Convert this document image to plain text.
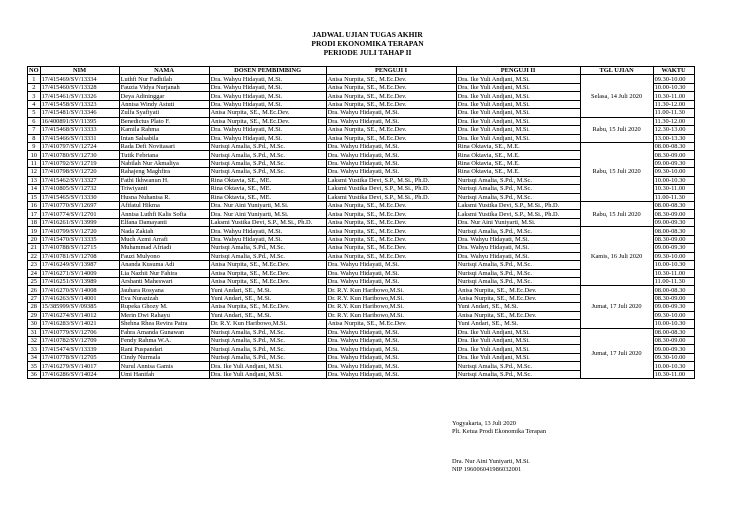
JADWAL UJIAN TUGAS AKHIR
PRODI EKONOMIKA TERAPAN
PERIODE JULI TAHAP II
NO	NIM	NAMA	DOSEN PEMBIMBING	PENGUJI I	PENGUJI II	TGL UJIAN	WAKTU
1	17/415469/SV/13334	Luthfi Nur Fadhilah	Dra. Wahyu Hidayati, M.Si.	Anisa Nurpita, SE., M.Ec.Dev.	Dra. Ike Yuli Andjani, M.Si.	Selasa, 14 Juli 2020	09.30-10.00
2	17/415460/SV/13328	Fauzia Vidya Nurjanah	Dra. Wahyu Hidayati, M.Si.	Anisa Nurpita, SE., M.Ec.Dev.	Dra. Ike Yuli Andjani, M.Si.		10.00-10.30
3	17/415461/SV/13326	Deya Adininggar	Dra. Wahyu Hidayati, M.Si.	Anisa Nurpita, SE., M.Ec.Dev.	Dra. Ike Yuli Andjani, M.Si.		10.30-11.00
4	17/415458/SV/13323	Annisa Windy Astuti	Dra. Wahyu Hidayati, M.Si.	Anisa Nurpita, SE., M.Ec.Dev.	Dra. Ike Yuli Andjani, M.Si.		11.30-12.00
5	17/415481/SV/13346	Zulfa Syafiyati	Anisa Nurpita, SE., M.Ec.Dev.	Dra. Wahyu Hidayati, M.Si.	Dra. Ike Yuli Andjani, M.Si.		11.00-11.30
6	16/400891/SV/11395	Benedictus Plato F.	Anisa Nurpita, SE., M.Ec.Dev.	Dra. Wahyu Hidayati, M.Si.	Dra. Ike Yuli Andjani, M.Si.	Rabu, 15 Juli 2020	11.30-12.00
7	17/415468/SV/13333	Kamila Rahma	Dra. Wahyu Hidayati, M.Si.	Anisa Nurpita, SE., M.Ec.Dev.	Dra. Ike Yuli Andjani, M.Si.		12.30-13.00
8	17/415466/SV/13331	Intan Salsabila	Dra. Wahyu Hidayati, M.Si.	Anisa Nurpita, SE., M.Ec.Dev.	Dra. Ike Yuli Andjani, M.Si.		13.00-13.30
9	17/410797/SV/12724	Rada Defi Novitasari	Nurisqi Amalia, S.Pd., M.Sc.	Dra. Wahyu Hidayati, M.Si.	Rina Oktavia, SE., M.E.	Rabu, 15 Juli 2020	08.00-08.30
10	17/410780/SV/12730	Tutik Febriana	Nurisqi Amalia, S.Pd., M.Sc.	Dra. Wahyu Hidayati, M.Si.	Rina Oktavia, SE., M.E.		08.30-09.00
11	17/410792/SV/12719	Nabilah Nur Akmaliya	Nurisqi Amalia, S.Pd., M.Sc.	Dra. Wahyu Hidayati, M.Si.	Rina Oktavia, SE., M.E.		09.00-09.30
12	17/410798/SV/12720	Rahajeng Maghfira	Nurisqi Amalia, S.Pd., M.Sc.	Dra. Wahyu Hidayati, M.Si.	Rina Oktavia, SE., M.E.		09.30-10.00
13	17/415462/SV/13327	Fathi Ikhwanun H.	Rina Oktavia, SE., ME.	Laksmi Yustika Devi, S.P., M.Si., Ph.D.	Nurisqi Amalia, S.Pd., M.Sc.		10.00-10.30
14	17/410805/SV/12732	Triwiyanti	Rina Oktavia, SE., ME.	Laksmi Yustika Devi, S.P., M.Si., Ph.D.	Nurisqi Amalia, S.Pd., M.Sc.		10.30-11.00
15	17/415465/SV/13330	Husna Nuhanisa R.	Rina Oktavia, SE., ME.	Laksmi Yustika Devi, S.P., M.Si., Ph.D.	Nurisqi Amalia, S.Pd., M.Sc.		11.00-11.30
16	17/410770/SV/12697	Afifatul Hikma	Dra. Nur Aini Yuniyarti, M.Si.	Anisa Nurpita, SE., M.Ec.Dev.	Laksmi Yustika Devi, S.P., M.Si., Ph.D.	Rabu, 15 Juli 2020	08.00-08.30
17	17/410774/SV/12701	Annisa Luthfi Kalis Sofia	Dra. Nur Aini Yuniyarti, M.Si.	Anisa Nurpita, SE., M.Ec.Dev.	Laksmi Yustika Devi, S.P., M.Si., Ph.D.		08.30-09.00
18	17/416261/SV/13999	Elfana Damayanti	Laksmi Yustika Devi, S.P., M.Si., Ph.D.	Anisa Nurpita, SE., M.Ec.Dev.	Dra. Nur Aini Yuniyarti, M.Si.		09.00-09.30
19	17/410799/SV/12720	Nada Zakiah	Dra. Wahyu Hidayati, M.Si.	Anisa Nurpita, SE., M.Ec.Dev.	Nurisqi Amalia, S.Pd., M.Sc.	Kamis, 16 Juli 2020	08.00-08.30
20	17/415470/SV/13335	Much Azmi Arrafi	Dra. Wahyu Hidayati, M.Si.	Anisa Nurpita, SE., M.Ec.Dev.	Dra. Wahyu Hidayati, M.Si.		08.30-09.00
21	17/410788/SV/12715	Muhammad Afriadi	Nurisqi Amalia, S.Pd., M.Sc.	Anisa Nurpita, SE., M.Ec.Dev.	Dra. Wahyu Hidayati, M.Si.		09.00-09.30
22	17/410781/SV/12708	Fauzi Mulyono	Nurisqi Amalia, S.Pd., M.Sc.	Anisa Nurpita, SE., M.Ec.Dev.	Dra. Wahyu Hidayati, M.Si.		09.30-10.00
23	17/416249/SV/13987	Ananda Kusuma Adi	Anisa Nurpita, SE., M.Ec.Dev.	Dra. Wahyu Hidayati, M.Si.	Nurisqi Amalia, S.Pd., M.Sc.		10.00-10.30
24	17/416271/SV/14009	Lia Nazhii Nur Fahira	Anisa Nurpita, SE., M.Ec.Dev.	Dra. Wahyu Hidayati, M.Si.	Nurisqi Amalia, S.Pd., M.Sc.		10.30-11.00
25	17/416251/SV/13989	Arshanti Maheswari	Anisa Nurpita, SE., M.Ec.Dev.	Dra. Wahyu Hidayati, M.Si.	Nurisqi Amalia, S.Pd., M.Sc.		11.00-11.30
26	17/416270/SV/14008	Jauhara Rosyana	Yuni Andari, SE., M.Si.	Dr. R.Y. Kun Haribowo,M.Si.	Anisa Nurpita, SE., M.Ec.Dev.	Jumat, 17 Juli 2020	08.00-08.30
27	17/416263/SV/14001	Eva Nurazizah	Yuni Andari, SE., M.Si.	Dr. R.Y. Kun Haribowo,M.Si.	Anisa Nurpita, SE., M.Ec.Dev.		08.30-09.00
28	15/385999/SV/09385	Rupeka Ghozy M.	Anisa Nurpita, SE., M.Ec.Dev.	Dr. R.Y. Kun Haribowo,M.Si.	Yuni Andari, SE., M.Si.		09.00-09.30
29	17/416274/SV/14012	Merin Dwi Rahayu	Yuni Andari, SE., M.Si.	Dr. R.Y. Kun Haribowo,M.Si.	Anisa Nurpita, SE., M.Ec.Dev.		09.30-10.00
30	17/416283/SV/14021	Shehna Rhea Revira Patra	Dr. R.Y. Kun Haribowo,M.Si.	Anisa Nurpita, SE., M.Ec.Dev.	Yuni Andari, SE., M.Si.		10.00-10.30
31	17/410779/SV/12706	Fahra Amanda Gunawan	Nurisqi Amalia, S.Pd., M.Sc.	Dra. Wahyu Hidayati, M.Si.	Dra. Ike Yuli Andjani, M.Si.	Jumat, 17 Juli 2020	08.00-08.30
32	17/410782/SV/12709	Fendy Rahma W.A.	Nurisqi Amalia, S.Pd., M.Sc.	Dra. Wahyu Hidayati, M.Si.	Dra. Ike Yuli Andjani, M.Si.		08.30-09.00
33	17/415474/SV/13339	Rani Puspandari	Nurisqi Amalia, S.Pd., M.Sc.	Dra. Wahyu Hidayati, M.Si.	Dra. Ike Yuli Andjani, M.Si.		09.00-09.30
34	17/410778/SV/12705	Cindy Nurmala	Nurisqi Amalia, S.Pd., M.Sc.	Dra. Wahyu Hidayati, M.Si.	Dra. Ike Yuli Andjani, M.Si.		09.30-10.00
35	17/416279/SV/14017	Nurul Annisa Gamis	Dra. Ike Yuli Andjani, M.Si.	Dra. Wahyu Hidayati, M.Si.	Nurisqi Amalia, S.Pd., M.Sc.		10.00-10.30
36	17/416286/SV/14024	Umi Hanifah	Dra. Ike Yuli Andjani, M.Si.	Dra. Wahyu Hidayati, M.Si.	Nurisqi Amalia, S.Pd., M.Sc.		10.30-11.00
Yogyakarta, 13 Juli 2020
Plt. Ketua Prodi Ekonomika Terapan
Dra. Nur Aini Yuniyarti, M.Si.
NIP 196006041986032001
